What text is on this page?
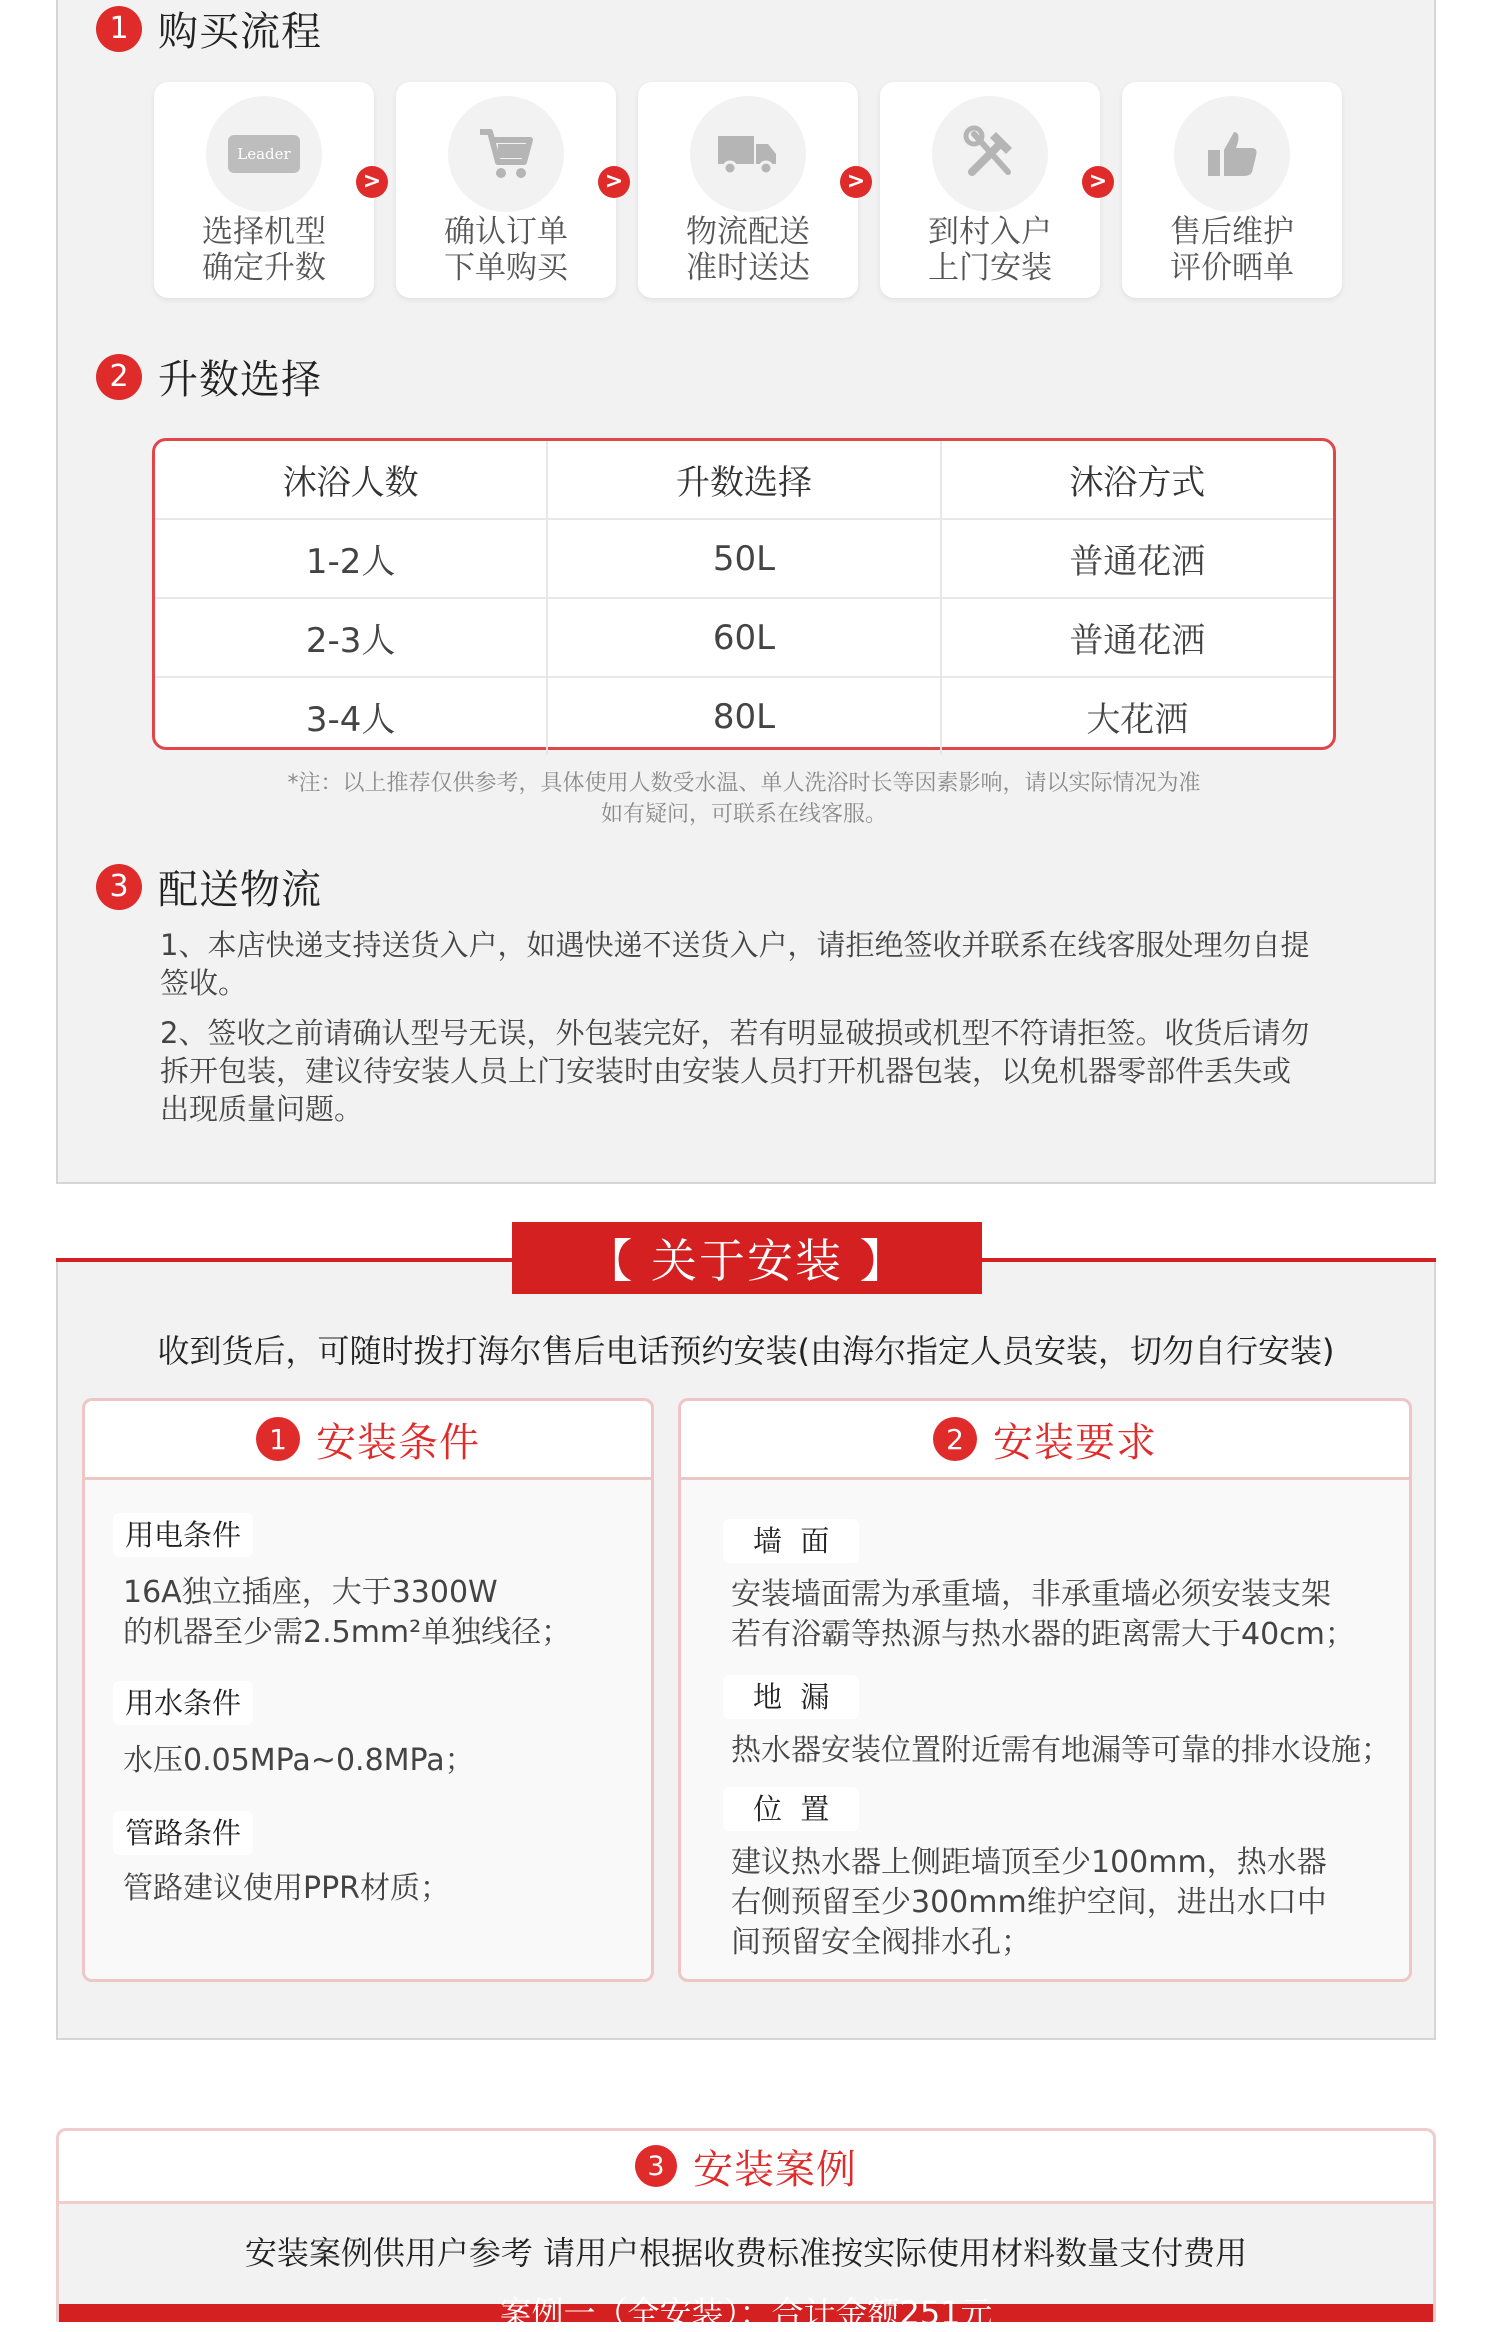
1 购买流程
Leader
选择机型
确定升数
>
确认订单
下单购买
>
物流配送
准时送达
>
到村入户
上门安装
>
售后维护
评价晒单
2 升数选择
沐浴人数	升数选择	沐浴方式
1-2人	50L	普通花洒
2-3人	60L	普通花洒
3-4人	80L	大花洒
*注：以上推荐仅供参考，具体使用人数受水温、单人洗浴时长等因素影响，请以实际情况为准
如有疑问，可联系在线客服。
3 配送物流
1、本店快递支持送货入户，如遇快递不送货入户，请拒绝签收并联系在线客服处理勿自提签收。
2、签收之前请确认型号无误，外包装完好，若有明显破损或机型不符请拒签。收货后请勿拆开包装，建议待安装人员上门安装时由安装人员打开机器包装，以免机器零部件丢失或出现质量问题。
【 关于安装 】
收到货后，可随时拨打海尔售后电话预约安装(由海尔指定人员安装，切勿自行安装)
1 安装条件
用电条件
16A独立插座，大于3300W
的机器至少需2.5mm²单独线径；
用水条件
水压0.05MPa~0.8MPa；
管路条件
管路建议使用PPR材质；
2 安装要求
墙  面
安装墙面需为承重墙，非承重墙必须安装支架
若有浴霸等热源与热水器的距离需大于40cm；
地  漏
热水器安装位置附近需有地漏等可靠的排水设施；
位  置
建议热水器上侧距墙顶至少100mm，热水器
右侧预留至少300mm维护空间，进出水口中
间预留安全阀排水孔；
3 安装案例
安装案例供用户参考 请用户根据收费标准按实际使用材料数量支付费用
案例一（全安装）：合计金额251元
